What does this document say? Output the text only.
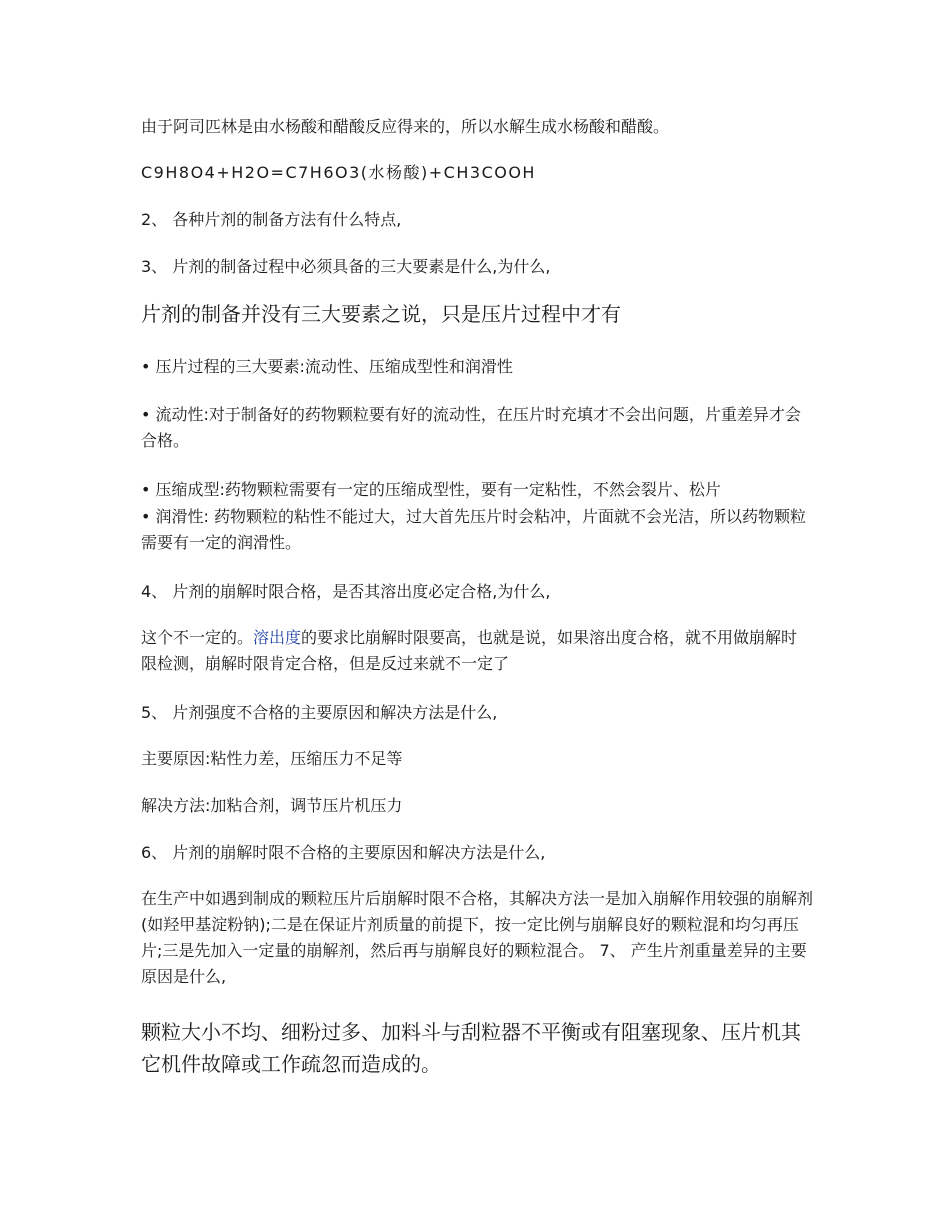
由于阿司匹林是由水杨酸和醋酸反应得来的，所以水解生成水杨酸和醋酸。

C9H8O4+H2O=C7H6O3(水杨酸)+CH3COOH

2、 各种片剂的制备方法有什么特点,

3、 片剂的制备过程中必须具备的三大要素是什么,为什么,

片剂的制备并没有三大要素之说，只是压片过程中才有

• 压片过程的三大要素:流动性、压缩成型性和润滑性

• 流动性:对于制备好的药物颗粒要有好的流动性，在压片时充填才不会出问题，片重差异才会合格。

• 压缩成型:药物颗粒需要有一定的压缩成型性，要有一定粘性，不然会裂片、松片

• 润滑性: 药物颗粒的粘性不能过大，过大首先压片时会粘冲，片面就不会光洁，所以药物颗粒需要有一定的润滑性。

4、 片剂的崩解时限合格，是否其溶出度必定合格,为什么,

这个不一定的。溶出度的要求比崩解时限要高，也就是说，如果溶出度合格，就不用做崩解时限检测，崩解时限肯定合格，但是反过来就不一定了

5、 片剂强度不合格的主要原因和解决方法是什么,

主要原因:粘性力差，压缩压力不足等

解决方法:加粘合剂，调节压片机压力

6、 片剂的崩解时限不合格的主要原因和解决方法是什么,

在生产中如遇到制成的颗粒压片后崩解时限不合格，其解决方法一是加入崩解作用较强的崩解剂(如羟甲基淀粉钠);二是在保证片剂质量的前提下，按一定比例与崩解良好的颗粒混和均匀再压片;三是先加入一定量的崩解剂，然后再与崩解良好的颗粒混合。 7、 产生片剂重量差异的主要原因是什么,

颗粒大小不均、细粉过多、加料斗与刮粒器不平衡或有阻塞现象、压片机其它机件故障或工作疏忽而造成的。
